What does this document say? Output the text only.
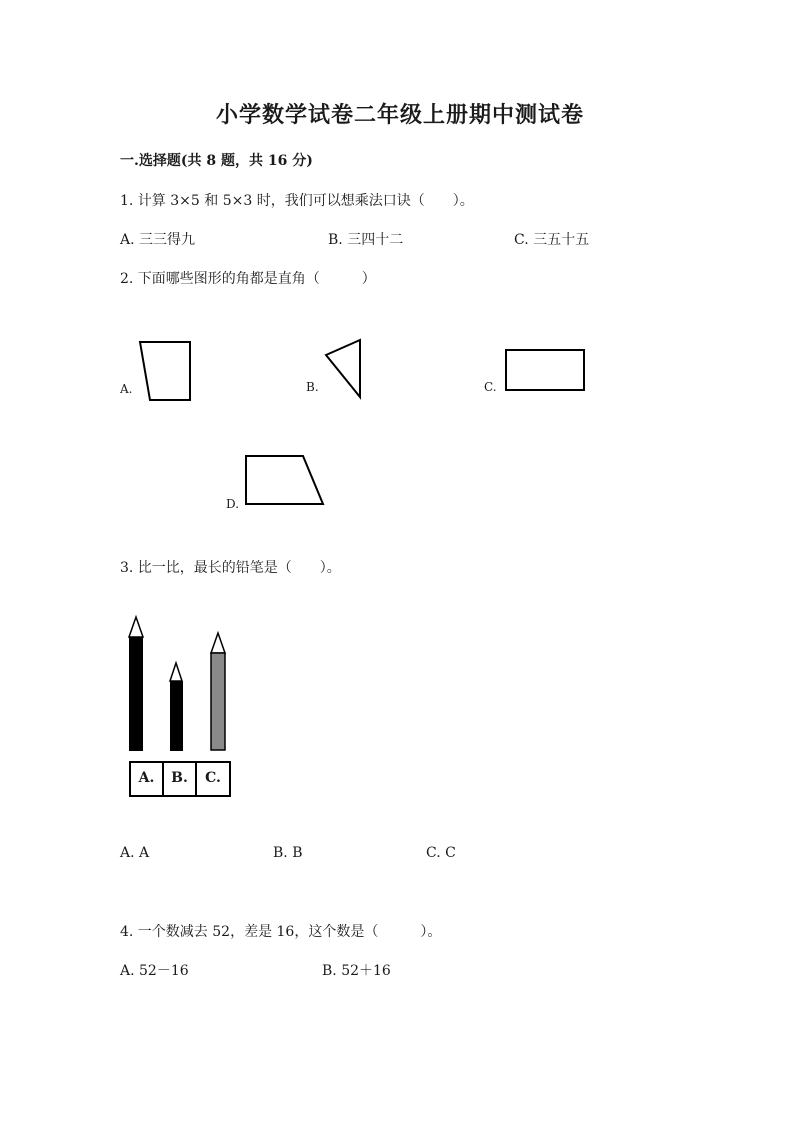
小学数学试卷二年级上册期中测试卷
一.选择题(共 8 题，共 16 分)
1. 计算 3×5 和 5×3 时，我们可以想乘法口诀（　　）。
A. 三三得九	B. 三四十二	C. 三五十五
2. 下面哪些图形的角都是直角（　　　）
A.	B.	C.
D.
3. 比一比，最长的铅笔是（　　）。
A.	B.	C.
A. A	B. B	C. C
4. 一个数减去 52，差是 16，这个数是（　　　）。
A. 52－16	B. 52＋16
